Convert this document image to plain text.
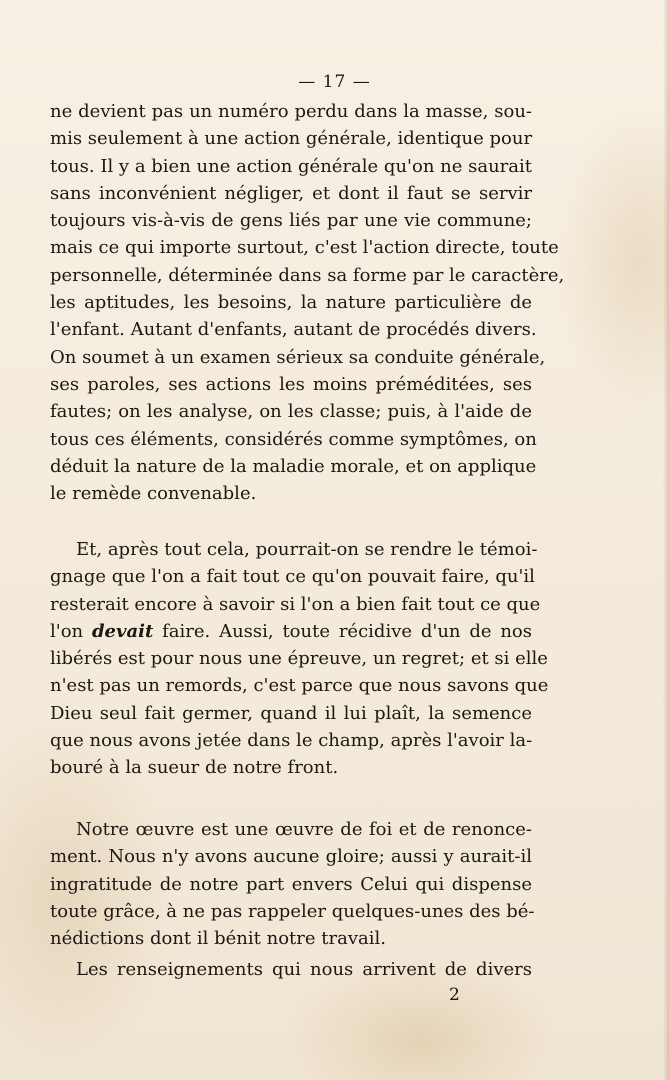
— 17 —
ne devient pas un numéro perdu dans la masse, sou-
mis seulement à une action générale, identique pour
tous. Il y a bien une action générale qu'on ne saurait
sans inconvénient négliger, et dont il faut se servir
toujours vis-à-vis de gens liés par une vie commune;
mais ce qui importe surtout, c'est l'action directe, toute
personnelle, déterminée dans sa forme par le caractère,
les aptitudes, les besoins, la nature particulière de
l'enfant. Autant d'enfants, autant de procédés divers.
On soumet à un examen sérieux sa conduite générale,
ses paroles, ses actions les moins préméditées, ses
fautes; on les analyse, on les classe; puis, à l'aide de
tous ces éléments, considérés comme symptômes, on
déduit la nature de la maladie morale, et on applique
le remède convenable.
Et, après tout cela, pourrait-on se rendre le témoi-
gnage que l'on a fait tout ce qu'on pouvait faire, qu'il
resterait encore à savoir si l'on a bien fait tout ce que
l'on devait faire. Aussi, toute récidive d'un de nos
libérés est pour nous une épreuve, un regret; et si elle
n'est pas un remords, c'est parce que nous savons que
Dieu seul fait germer, quand il lui plaît, la semence
que nous avons jetée dans le champ, après l'avoir la-
bouré à la sueur de notre front.
Notre œuvre est une œuvre de foi et de renonce-
ment. Nous n'y avons aucune gloire; aussi y aurait-il
ingratitude de notre part envers Celui qui dispense
toute grâce, à ne pas rappeler quelques-unes des bé-
nédictions dont il bénit notre travail.
Les renseignements qui nous arrivent de divers
2
